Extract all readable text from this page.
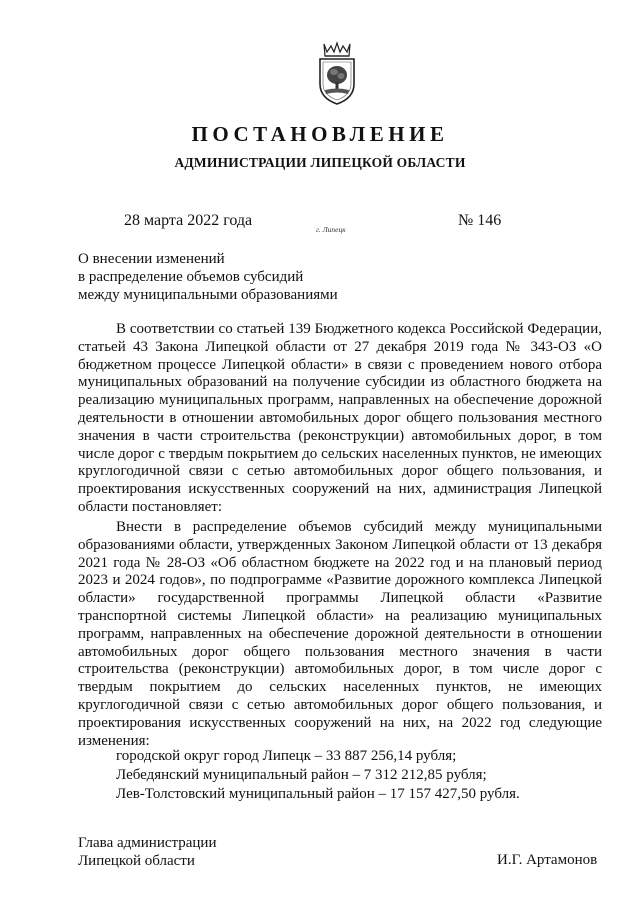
ПОСТАНОВЛЕНИЕ
АДМИНИСТРАЦИИ ЛИПЕЦКОЙ ОБЛАСТИ
28 марта 2022 года
г. Липецк
№ 146
О внесении изменений
в распределение объемов субсидий
между муниципальными образованиями

В соответствии со статьей 139 Бюджетного кодекса Российской Федерации, статьей 43 Закона Липецкой области от 27 декабря 2019 года № 343-ОЗ «О бюджетном процессе Липецкой области» в связи с проведением нового отбора муниципальных образований на получение субсидии из областного бюджета на реализацию муниципальных программ, направленных на обеспечение дорожной деятельности в отношении автомобильных дорог общего пользования местного значения в части строительства (реконструкции) автомобильных дорог, в том числе дорог с твердым покрытием до сельских населенных пунктов, не имеющих круглогодичной связи с сетью автомобильных дорог общего пользования, и проектирования искусственных сооружений на них, администрация Липецкой области постановляет:

Внести в распределение объемов субсидий между муниципальными образованиями области, утвержденных Законом Липецкой области от 13 декабря 2021 года № 28-ОЗ «Об областном бюджете на 2022 год и на плановый период 2023 и 2024 годов», по подпрограмме «Развитие дорожного комплекса Липецкой области» государственной программы Липецкой области «Развитие транспортной системы Липецкой области» на реализацию муниципальных программ, направленных на обеспечение дорожной деятельности в отношении автомобильных дорог общего пользования местного значения в части строительства (реконструкции) автомобильных дорог, в том числе дорог с твердым покрытием до сельских населенных пунктов, не имеющих круглогодичной связи с сетью автомобильных дорог общего пользования, и проектирования искусственных сооружений на них, на 2022 год следующие изменения:

городской округ город Липецк – 33 887 256,14 рубля;
Лебедянский муниципальный район – 7 312 212,85 рубля;
Лев-Толстовский муниципальный район – 17 157 427,50 рубля.
Глава администрации
Липецкой области	И.Г. Артамонов
